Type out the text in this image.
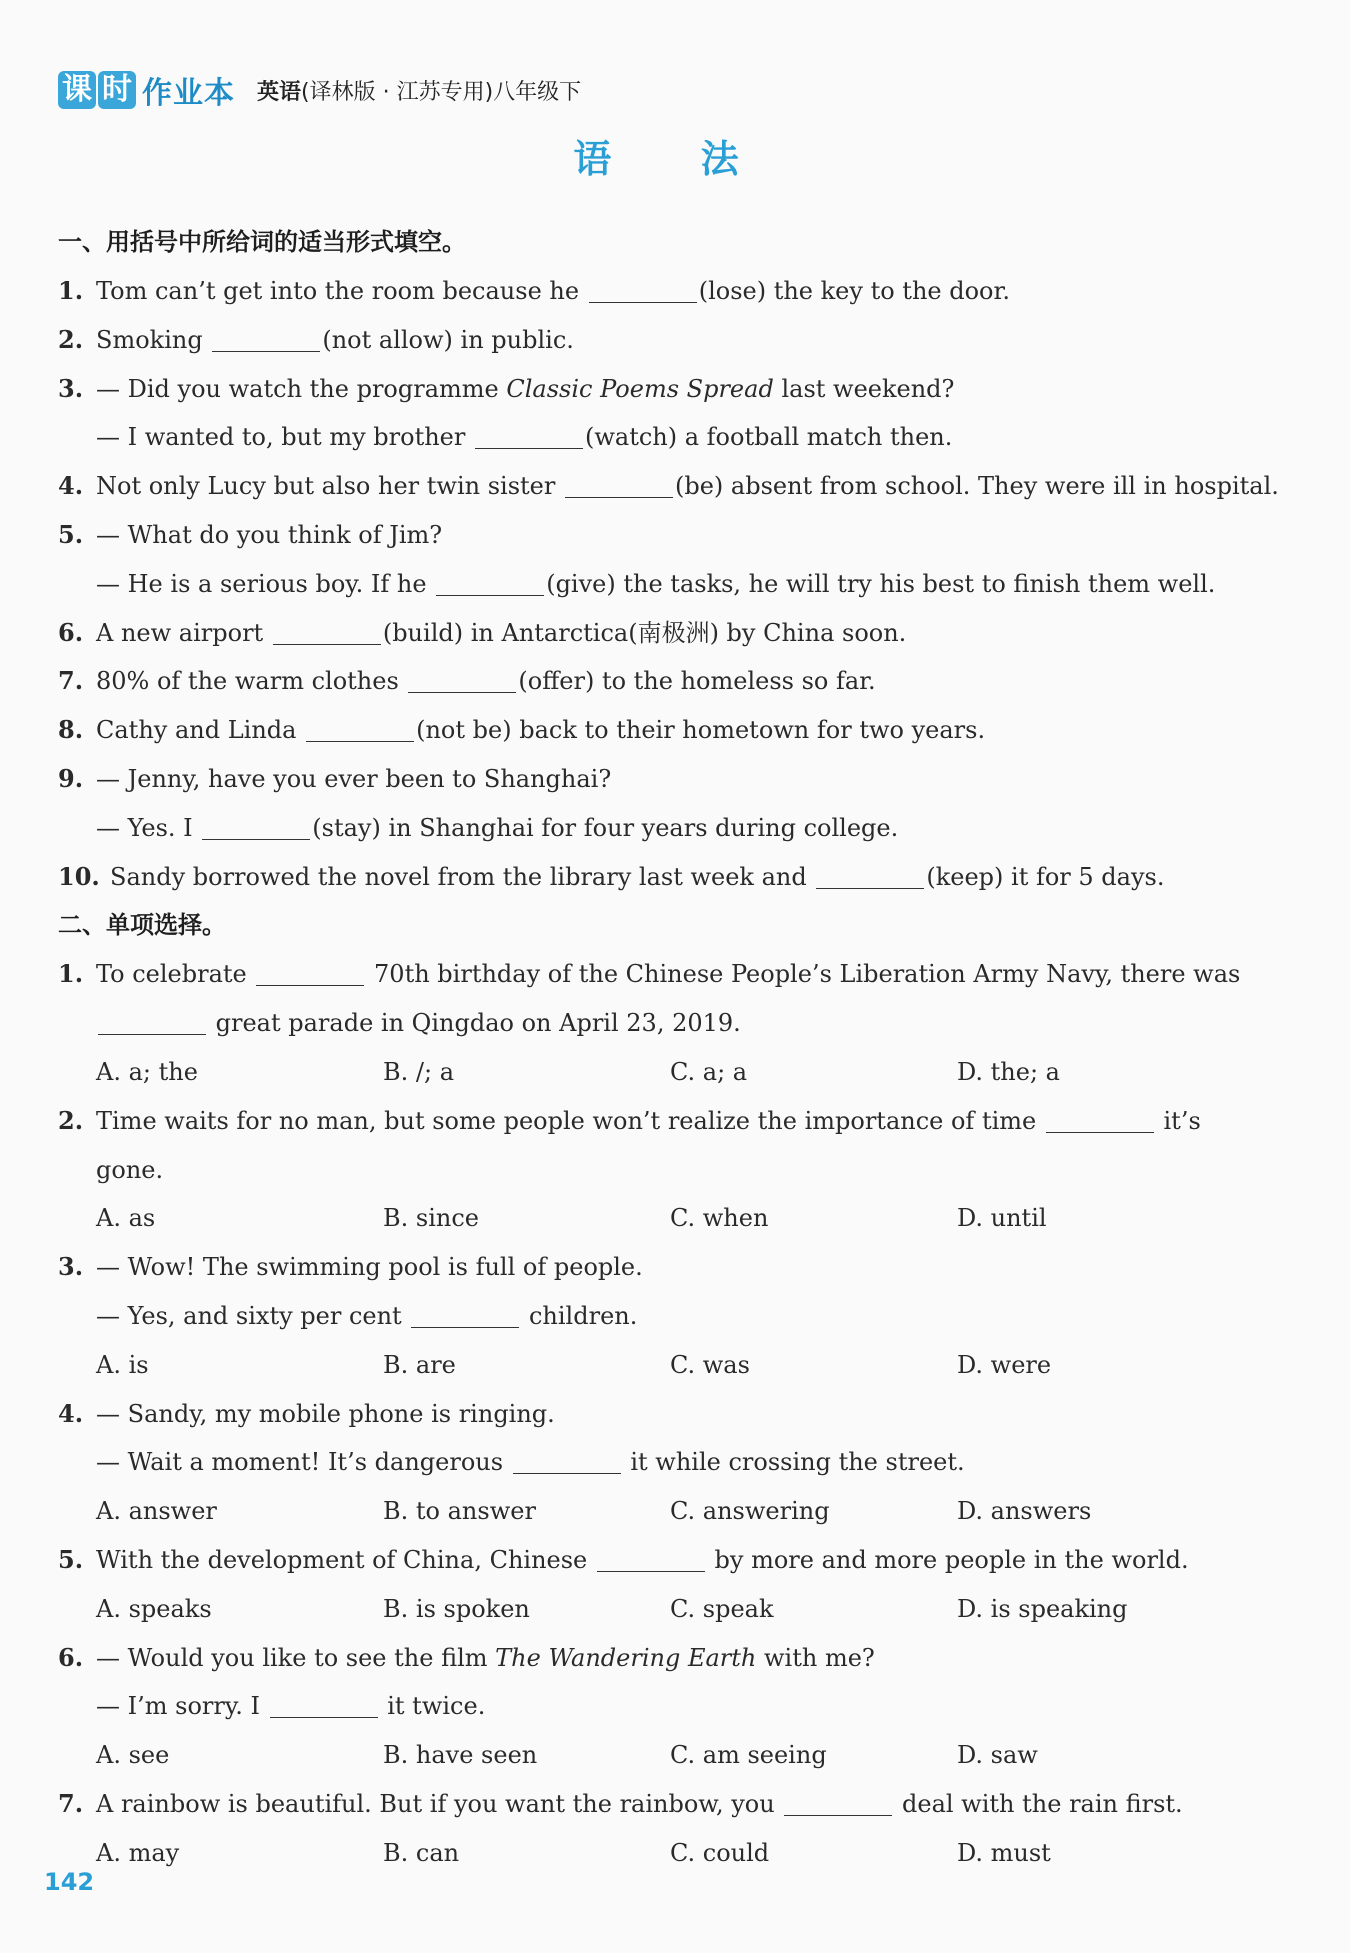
课 时 作业本 英语(译林版 · 江苏专用)八年级下
语 法
一、用括号中所给词的适当形式填空。
1. Tom can’t get into the room because he	(lose) the key to the door.
2. Smoking	(not allow) in public.
3. — Did you watch the programme Classic Poems Spread last weekend?
— I wanted to, but my brother	(watch) a football match then.
4. Not only Lucy but also her twin sister	(be) absent from school. They were ill in hospital.
5. — What do you think of Jim?
— He is a serious boy. If he	(give) the tasks, he will try his best to finish them well.
6. A new airport	(build) in Antarctica(南极洲) by China soon.
7. 80% of the warm clothes	(offer) to the homeless so far.
8. Cathy and Linda	(not be) back to their hometown for two years.
9. — Jenny, have you ever been to Shanghai?
— Yes. I	(stay) in Shanghai for four years during college.
10. Sandy borrowed the novel from the library last week and	(keep) it for 5 days.
二、单项选择。
1. To celebrate	70th birthday of the Chinese People’s Liberation Army Navy, there was
great parade in Qingdao on April 23, 2019.
A. a; the	B. /; a	C. a; a	D. the; a
2. Time waits for no man, but some people won’t realize the importance of time	it’s
gone.
A. as	B. since	C. when	D. until
3. — Wow! The swimming pool is full of people.
— Yes, and sixty per cent	children.
A. is	B. are	C. was	D. were
4. — Sandy, my mobile phone is ringing.
— Wait a moment! It’s dangerous	it while crossing the street.
A. answer	B. to answer	C. answering	D. answers
5. With the development of China, Chinese	by more and more people in the world.
A. speaks	B. is spoken	C. speak	D. is speaking
6. — Would you like to see the film The Wandering Earth with me?
— I’m sorry. I	it twice.
A. see	B. have seen	C. am seeing	D. saw
7. A rainbow is beautiful. But if you want the rainbow, you	deal with the rain first.
A. may	B. can	C. could	D. must
142
